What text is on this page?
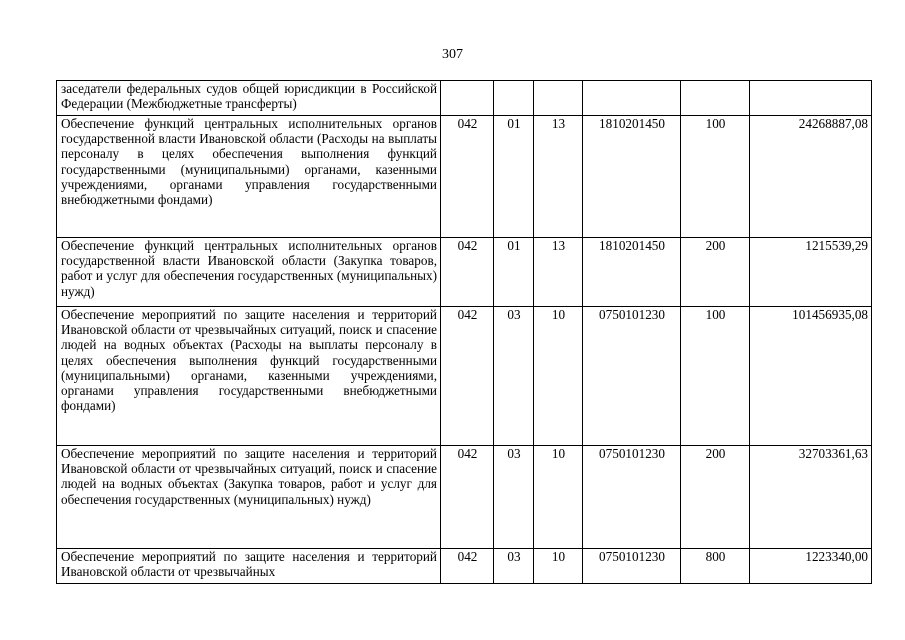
307
заседатели федеральных судов общей юрисдикции в Российской Федерации (Межбюджетные трансферты)						
Обеспечение функций центральных исполнительных органов государственной власти Ивановской области (Расходы на выплаты персоналу в целях обеспечения выполнения функций государственными (муниципальными) органами, казенными учреждениями, органами управления государственными внебюджетными фондами)	042	01	13	1810201450	100	24268887,08
Обеспечение функций центральных исполнительных органов государственной власти Ивановской области (Закупка товаров, работ и услуг для обеспечения государственных (муниципальных) нужд)	042	01	13	1810201450	200	1215539,29
Обеспечение мероприятий по защите населения и территорий Ивановской области от чрезвычайных ситуаций, поиск и спасение людей на водных объектах (Расходы на выплаты персоналу в целях обеспечения выполнения функций государственными (муниципальными) органами, казенными учреждениями, органами управления государственными внебюджетными фондами)	042	03	10	0750101230	100	101456935,08
Обеспечение мероприятий по защите населения и территорий Ивановской области от чрезвычайных ситуаций, поиск и спасение людей на водных объектах (Закупка товаров, работ и услуг для обеспечения государственных (муниципальных) нужд)	042	03	10	0750101230	200	32703361,63
Обеспечение мероприятий по защите населения и территорий Ивановской области от чрезвычайных	042	03	10	0750101230	800	1223340,00
